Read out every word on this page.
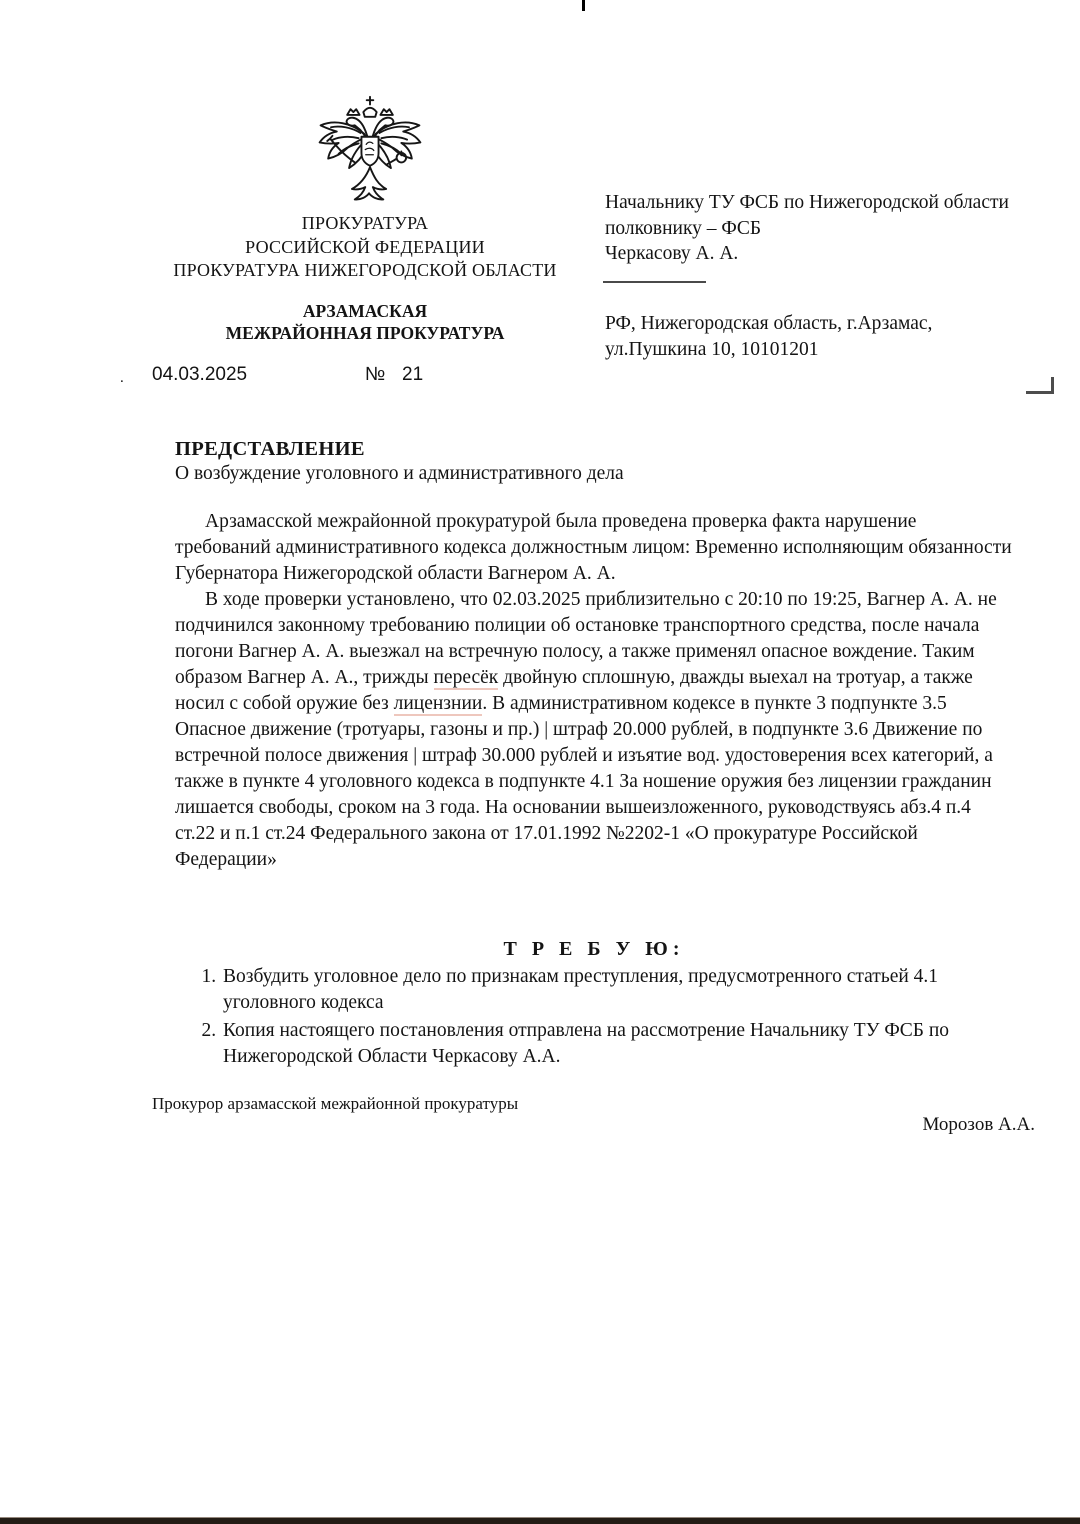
ПРОКУРАТУРА
РОССИЙСКОЙ ФЕДЕРАЦИИ
ПРОКУРАТУРА НИЖЕГОРОДСКОЙ ОБЛАСТИ
АРЗАМАСКАЯ
МЕЖРАЙОННАЯ ПРОКУРАТУРА
Начальнику ТУ ФСБ по Нижегородской области
полковнику – ФСБ
Черкасову А. А.
РФ, Нижегородская область, г.Арзамас,
ул.Пушкина 10, 10101201
. 04.03.2025	№ 21
ПРЕДСТАВЛЕНИЕ
О возбуждение уголовного и административного дела

Арзамасской межрайонной прокуратурой была проведена проверка факта нарушение требований административного кодекса должностным лицом: Временно исполняющим обязанности Губернатора Нижегородской области Вагнером А. А.

В ходе проверки установлено, что 02.03.2025 приблизительно с 20:10 по 19:25, Вагнер А. А. не подчинился законному требованию полиции об остановке транспортного средства, после начала погони Вагнер А. А. выезжал на встречную полосу, а также применял опасное вождение. Таким образом Вагнер А. А., трижды пересёк двойную сплошную, дважды выехал на тротуар, а также носил с собой оружие без лицензнии. В административном кодексе в пункте 3 подпункте 3.5 Опасное движение (тротуары, газоны и пр.) | штраф 20.000 рублей, в подпункте 3.6 Движение по встречной полосе движения | штраф 30.000 рублей и изъятие вод. удостоверения всех категорий, а также в пункте 4 уголовного кодекса в подпункте 4.1 За ношение оружия без лицензии гражданин лишается свободы, сроком на 3 года. На основании вышеизложенного, руководствуясь абз.4 п.4 ст.22 и п.1 ст.24 Федерального закона от 17.01.1992 №2202-1 «О прокуратуре Российской Федерации»

Т Р Е Б У Ю:
1. Возбудить уголовное дело по признакам преступления, предусмотренного статьей 4.1 уголовного кодекса
2. Копия настоящего постановления отправлена на рассмотрение Начальнику ТУ ФСБ по Нижегородской Области Черкасову А.А.
Прокурор арзамасской межрайонной прокуратуры
Морозов А.А.
